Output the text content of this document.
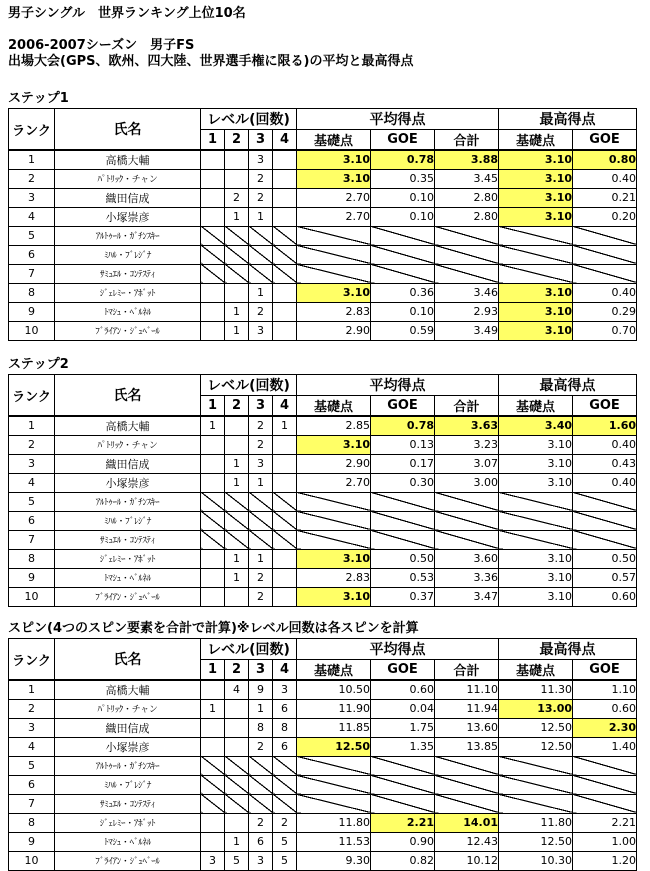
男子シングル　世界ランキング上位10名
2006-2007シーズン　男子FS
出場大会(GPS、欧州、四大陸、世界選手権に限る)の平均と最高得点
ステップ1
ランク	氏名	レベル(回数)				平均得点			最高得点	
		1	2	3	4	基礎点	GOE	合計	基礎点	GOE
1	高橋大輔			3		3.10	0.78	3.88	3.10	0.80
2	ﾊﾟﾄﾘｯｸ・チャン			2		3.10	0.35	3.45	3.10	0.40
3	織田信成		2	2		2.70	0.10	2.80	3.10	0.21
4	小塚崇彦		1	1		2.70	0.10	2.80	3.10	0.20
5	ｱﾙﾄｩｰﾙ・ｶﾞﾁﾝｽｷｰ									
6	ﾐﾊﾙ・ﾌﾞﾚｼﾞﾅ									
7	ｻﾐｭｴﾙ・ｺﾝﾃｽﾃｨ									
8	ｼﾞｪﾚﾐｰ・ｱﾎﾞｯﾄ			1		3.10	0.36	3.46	3.10	0.40
9	ﾄﾏｼｭ・ﾍﾞﾙﾈﾙ		1	2		2.83	0.10	2.93	3.10	0.29
10	ﾌﾞﾗｲｱﾝ・ｼﾞｭﾍﾞｰﾙ		1	3		2.90	0.59	3.49	3.10	0.70
ステップ2
ランク	氏名	レベル(回数)				平均得点			最高得点	
		1	2	3	4	基礎点	GOE	合計	基礎点	GOE
1	高橋大輔	1		2	1	2.85	0.78	3.63	3.40	1.60
2	ﾊﾟﾄﾘｯｸ・チャン			2		3.10	0.13	3.23	3.10	0.40
3	織田信成		1	3		2.90	0.17	3.07	3.10	0.43
4	小塚崇彦		1	1		2.70	0.30	3.00	3.10	0.40
5	ｱﾙﾄｩｰﾙ・ｶﾞﾁﾝｽｷｰ									
6	ﾐﾊﾙ・ﾌﾞﾚｼﾞﾅ									
7	ｻﾐｭｴﾙ・ｺﾝﾃｽﾃｨ									
8	ｼﾞｪﾚﾐｰ・ｱﾎﾞｯﾄ		1	1		3.10	0.50	3.60	3.10	0.50
9	ﾄﾏｼｭ・ﾍﾞﾙﾈﾙ		1	2		2.83	0.53	3.36	3.10	0.57
10	ﾌﾞﾗｲｱﾝ・ｼﾞｭﾍﾞｰﾙ			2		3.10	0.37	3.47	3.10	0.60
スピン(4つのスピン要素を合計で計算)※レベル回数は各スピンを計算
ランク	氏名	レベル(回数)				平均得点			最高得点	
		1	2	3	4	基礎点	GOE	合計	基礎点	GOE
1	高橋大輔		4	9	3	10.50	0.60	11.10	11.30	1.10
2	ﾊﾟﾄﾘｯｸ・チャン	1		1	6	11.90	0.04	11.94	13.00	0.60
3	織田信成			8	8	11.85	1.75	13.60	12.50	2.30
4	小塚崇彦			2	6	12.50	1.35	13.85	12.50	1.40
5	ｱﾙﾄｩｰﾙ・ｶﾞﾁﾝｽｷｰ									
6	ﾐﾊﾙ・ﾌﾞﾚｼﾞﾅ									
7	ｻﾐｭｴﾙ・ｺﾝﾃｽﾃｨ									
8	ｼﾞｪﾚﾐｰ・ｱﾎﾞｯﾄ			2	2	11.80	2.21	14.01	11.80	2.21
9	ﾄﾏｼｭ・ﾍﾞﾙﾈﾙ		1	6	5	11.53	0.90	12.43	12.50	1.00
10	ﾌﾞﾗｲｱﾝ・ｼﾞｭﾍﾞｰﾙ	3	5	3	5	9.30	0.82	10.12	10.30	1.20
